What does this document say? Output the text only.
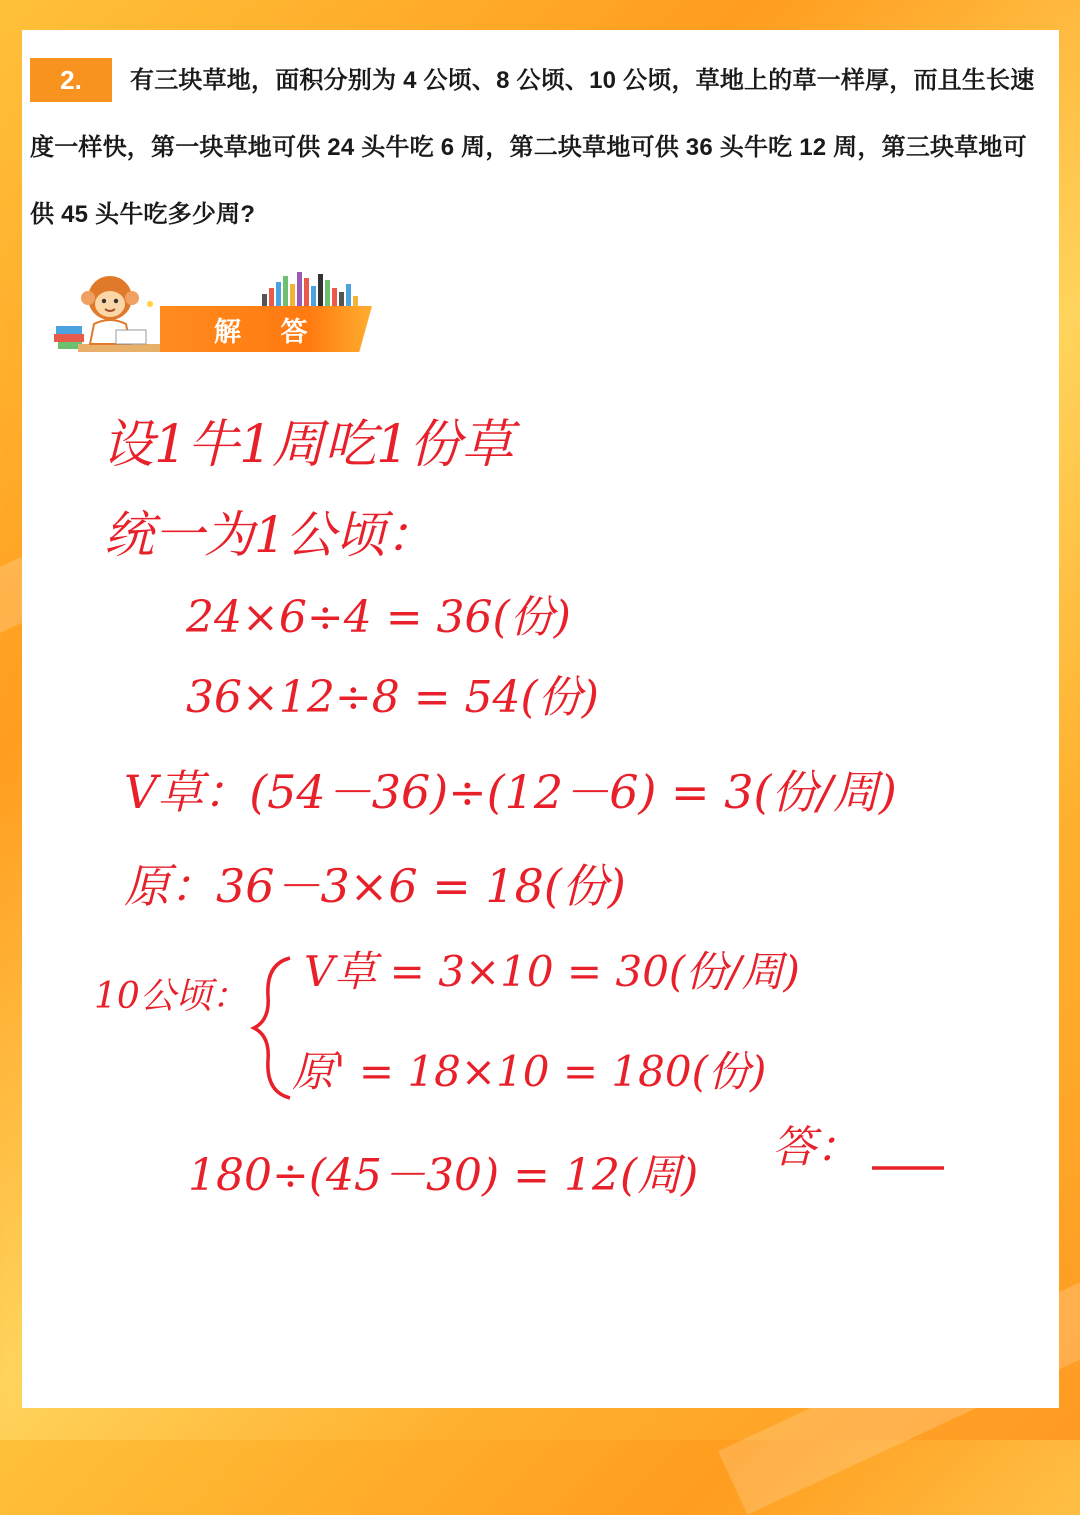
2.	有三块草地，面积分别为 4 公顷、8 公顷、10 公顷，草地上的草一样厚，而且生长速度一样快，第一块草地可供 24 头牛吃 6 周，第二块草地可供 36 头牛吃 12 周，第三块草地可供 45 头牛吃多少周?
解 答
设1牛1周吃1份草
统一为1公顷：
24×6÷4 = 36(份)
36×12÷8 = 54(份)
V草：(54－36)÷(12－6) = 3(份/周)
原：36－3×6 = 18(份)
10公顷：
V草 = 3×10 = 30(份/周)
原' = 18×10 = 180(份)
180÷(45－30) = 12(周)
答：
